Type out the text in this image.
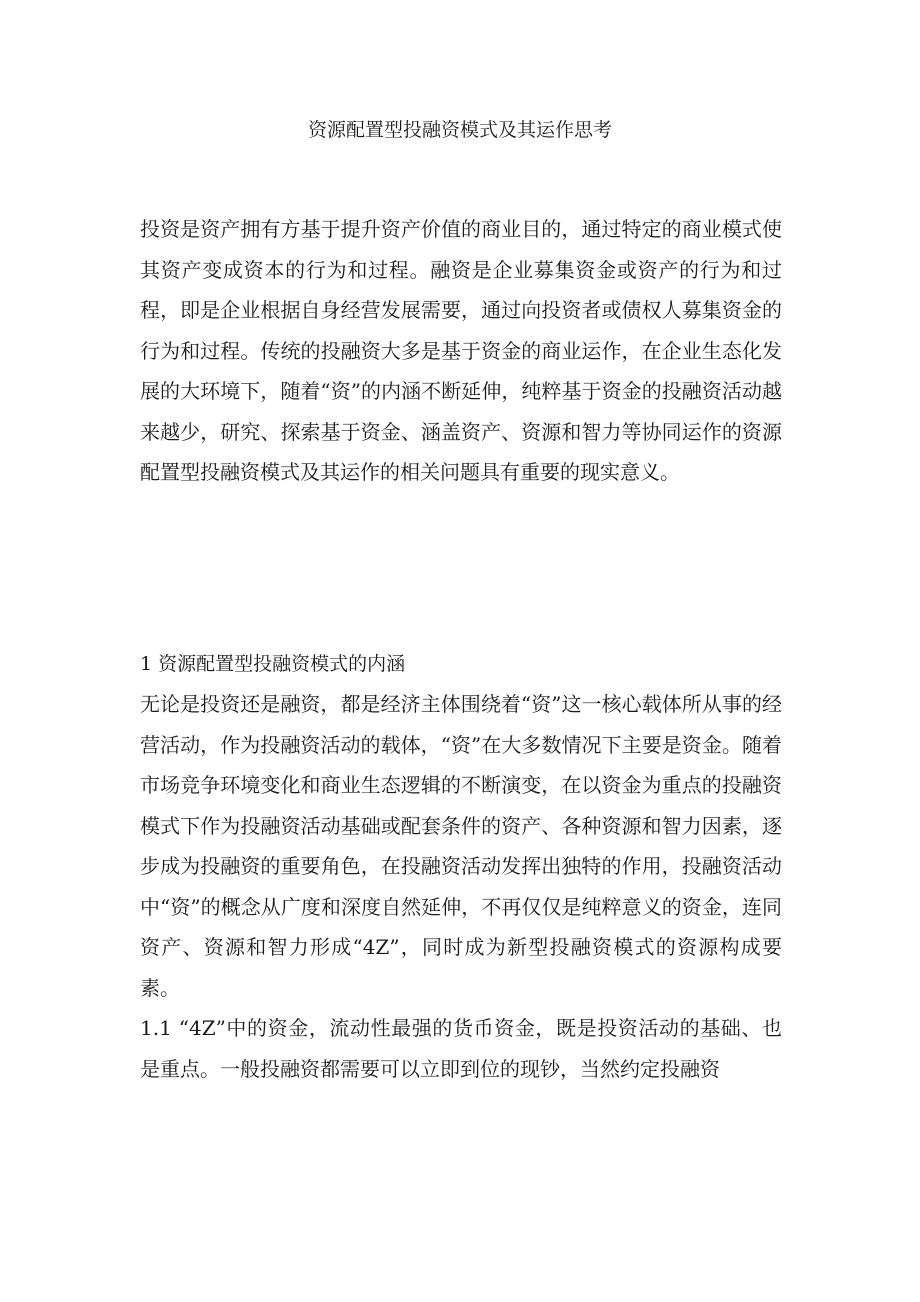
资源配置型投融资模式及其运作思考

投资是资产拥有方基于提升资产价值的商业目的，通过特定的商业模式使其资产变成资本的行为和过程。融资是企业募集资金或资产的行为和过程，即是企业根据自身经营发展需要，通过向投资者或债权人募集资金的行为和过程。传统的投融资大多是基于资金的商业运作，在企业生态化发展的大环境下，随着“资”的内涵不断延伸，纯粹基于资金的投融资活动越来越少，研究、探索基于资金、涵盖资产、资源和智力等协同运作的资源配置型投融资模式及其运作的相关问题具有重要的现实意义。

1 资源配置型投融资模式的内涵

无论是投资还是融资，都是经济主体围绕着“资”这一核心载体所从事的经营活动，作为投融资活动的载体，“资”在大多数情况下主要是资金。随着市场竞争环境变化和商业生态逻辑的不断演变，在以资金为重点的投融资模式下作为投融资活动基础或配套条件的资产、各种资源和智力因素，逐步成为投融资的重要角色，在投融资活动发挥出独特的作用，投融资活动中“资”的概念从广度和深度自然延伸，不再仅仅是纯粹意义的资金，连同资产、资源和智力形成“4Z”，同时成为新型投融资模式的资源构成要素。

1.1 “4Z”中的资金，流动性最强的货币资金，既是投资活动的基础、也是重点。一般投融资都需要可以立即到位的现钞，当然约定投融资
